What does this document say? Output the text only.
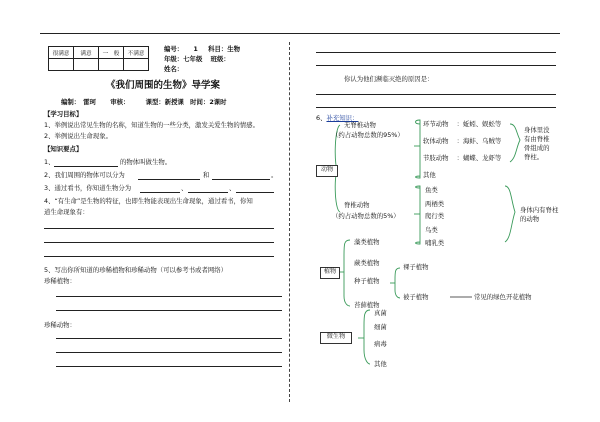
很满意	满意	一　般	不满意

编号： 1 科目：生物
年级：七年级 班级：
姓名：
《我们周围的生物》导学案
编制： 雷珂 审核：	课型：新授课 时间：2课时
【学习目标】
1、举例说出常见生物的名称，知道生物的一些分类，激发关爱生物的情感。
2、举例说出生命现象。
【知识要点】
1、	的物体叫做生物。
2、我们周围的物体可以分为	和	。
3、通过看书，你知道生物分为	、	、
4、“有生命”是生物的特征，也即生物能表现出生命现象，通过看书，你知
道生命现象有：
5、写出你所知道的珍稀植物和珍稀动物（可以参考书或者网络）
珍稀植物：
珍稀动物：
你认为他们濒临灭绝的原因是：
6、补充知识：
动物
无脊椎动物
（约占动物总数的95%）
环节动物 ：蚯蚓、蜈蚣等
软体动物 ：海蚌、乌贼等
节肢动物 ：蝴蝶、龙虾等
其他
身体里没有由脊椎骨组成的脊柱。
脊椎动物
（约占动物总数的5%）
鱼类
两栖类
爬行类
鸟类
哺乳类
身体内有脊柱的动物
植物
藻类植物
蕨类植物
种子植物
苔藓植物
裸子植物
被子植物	常见的绿色开花植物
微生物
真菌
细菌
病毒
其他
